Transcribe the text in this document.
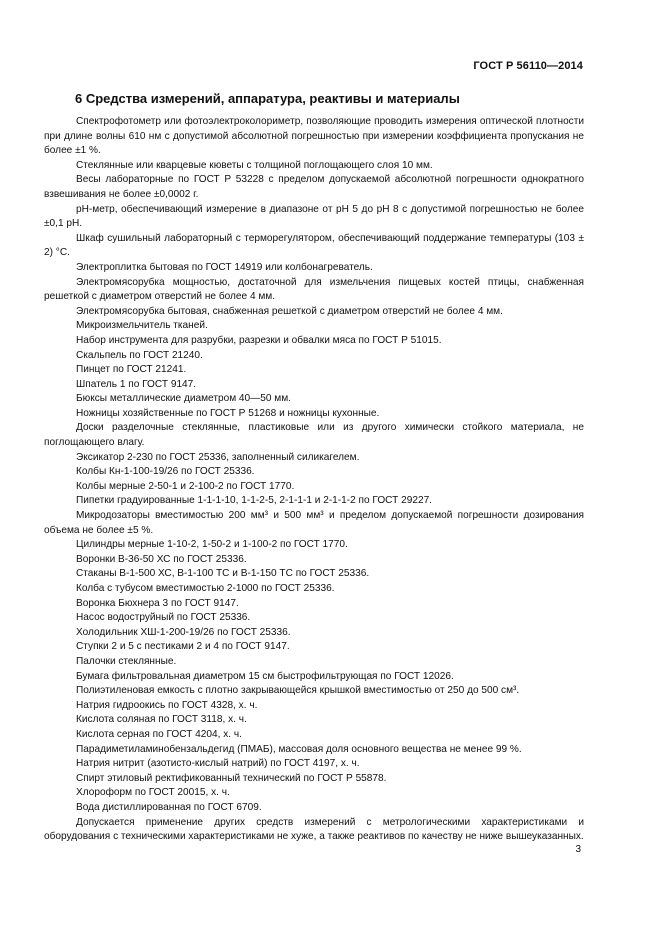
ГОСТ Р 56110—2014
6 Средства измерений, аппаратура, реактивы и материалы

Спектрофотометр или фотоэлектроколориметр, позволяющие проводить измерения оптической плотности при длине волны 610 нм с допустимой абсолютной погрешностью при измерении коэффициента пропускания не более ±1 %.

Стеклянные или кварцевые кюветы с толщиной поглощающего слоя 10 мм.

Весы лабораторные по ГОСТ Р 53228 с пределом допускаемой абсолютной погрешности однократного взвешивания не более ±0,0002 г.

рН-метр, обеспечивающий измерение в диапазоне от рН 5 до рН 8 с допустимой погрешностью не более ±0,1 рН.

Шкаф сушильный лабораторный с терморегулятором, обеспечивающий поддержание температуры (103 ± 2) °С.

Электроплитка бытовая по ГОСТ 14919 или колбонагреватель.

Электромясорубка мощностью, достаточной для измельчения пищевых костей птицы, снабженная решеткой с диаметром отверстий не более 4 мм.

Электромясорубка бытовая, снабженная решеткой с диаметром отверстий не более 4 мм.

Микроизмельчитель тканей.

Набор инструмента для разрубки, разрезки и обвалки мяса по ГОСТ Р 51015.

Скальпель по ГОСТ 21240.

Пинцет по ГОСТ 21241.

Шпатель 1 по ГОСТ 9147.

Бюксы металлические диаметром 40—50 мм.

Ножницы хозяйственные по ГОСТ Р 51268 и ножницы кухонные.

Доски разделочные стеклянные, пластиковые или из другого химически стойкого материала, не поглощающего влагу.

Эксикатор 2-230 по ГОСТ 25336, заполненный силикагелем.

Колбы Кн-1-100-19/26 по ГОСТ 25336.

Колбы мерные 2-50-1 и 2-100-2 по ГОСТ 1770.

Пипетки градуированные 1-1-1-10, 1-1-2-5, 2-1-1-1 и 2-1-1-2 по ГОСТ 29227.

Микродозаторы вместимостью 200 мм³ и 500 мм³ и пределом допускаемой погрешности дозирования объема не более ±5 %.

Цилиндры мерные 1-10-2, 1-50-2 и 1-100-2 по ГОСТ 1770.

Воронки В-36-50 ХС по ГОСТ 25336.

Стаканы В-1-500 ХС, В-1-100 ТС и В-1-150 ТС по ГОСТ 25336.

Колба с тубусом вместимостью 2-1000 по ГОСТ 25336.

Воронка Бюхнера 3 по ГОСТ 9147.

Насос водоструйный по ГОСТ 25336.

Холодильник ХШ-1-200-19/26 по ГОСТ 25336.

Ступки 2 и 5 с пестиками 2 и 4 по ГОСТ 9147.

Палочки стеклянные.

Бумага фильтровальная диаметром 15 см быстрофильтрующая по ГОСТ 12026.

Полиэтиленовая емкость с плотно закрывающейся крышкой вместимостью от 250 до 500 см³.

Натрия гидроокись по ГОСТ 4328, х. ч.

Кислота соляная по ГОСТ 3118, х. ч.

Кислота серная по ГОСТ 4204, х. ч.

Парадиметиламинобензальдегид (ПМАБ), массовая доля основного вещества не менее 99 %.

Натрия нитрит (азотисто-кислый натрий) по ГОСТ 4197, х. ч.

Спирт этиловый ректификованный технический по ГОСТ Р 55878.

Хлороформ по ГОСТ 20015, х. ч.

Вода дистиллированная по ГОСТ 6709.

Допускается применение других средств измерений с метрологическими характеристиками и оборудования с техническими характеристиками не хуже, а также реактивов по качеству не ниже вышеуказанных.

3
